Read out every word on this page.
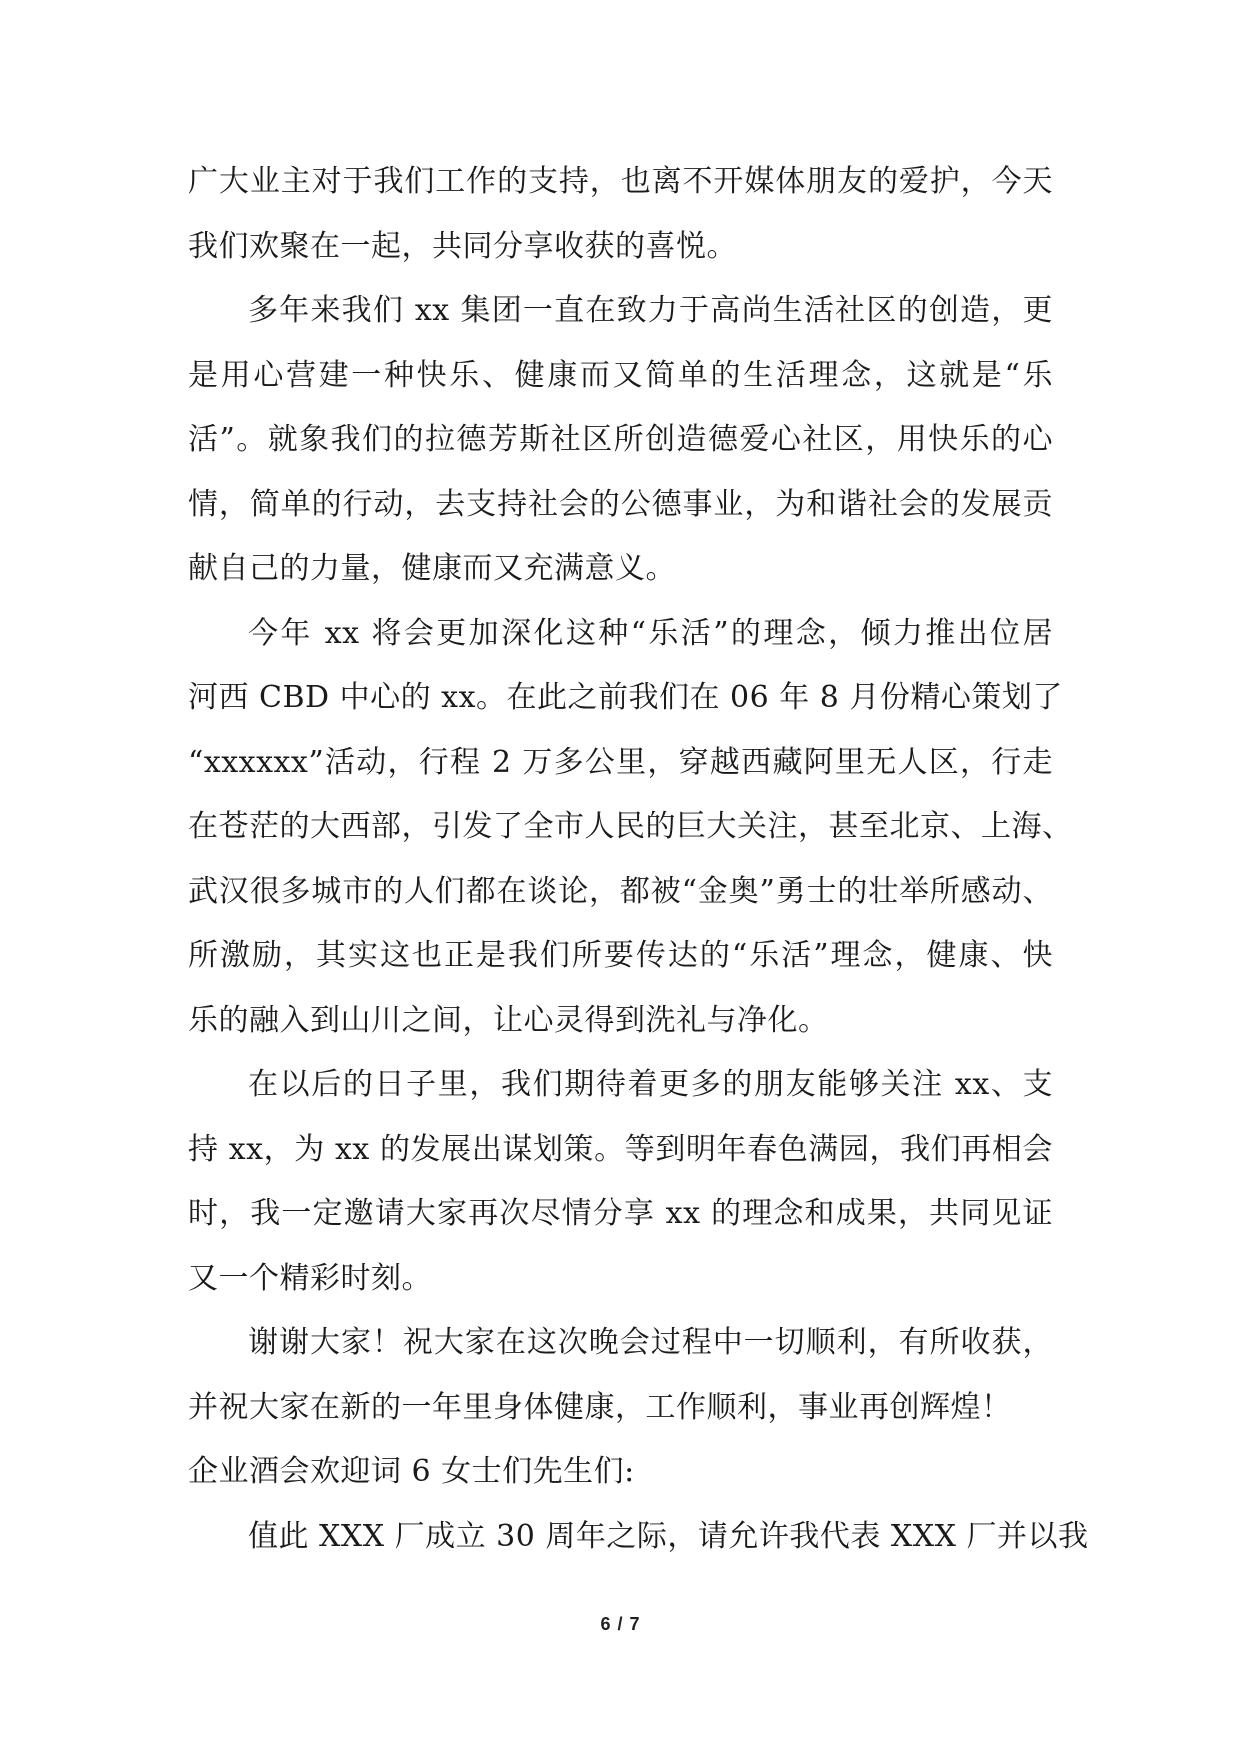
广大业主对于我们工作的支持，也离不开媒体朋友的爱护，今天
我们欢聚在一起，共同分享收获的喜悦。
多年来我们 xx 集团一直在致力于高尚生活社区的创造，更
是用心营建一种快乐、健康而又简单的生活理念，这就是“乐
活”。就象我们的拉德芳斯社区所创造德爱心社区，用快乐的心
情，简单的行动，去支持社会的公德事业，为和谐社会的发展贡
献自己的力量，健康而又充满意义。
今年 xx 将会更加深化这种“乐活”的理念，倾力推出位居
河西 CBD 中心的 xx。在此之前我们在 06 年 8 月份精心策划了
“xxxxxx”活动，行程 2 万多公里，穿越西藏阿里无人区，行走
在苍茫的大西部，引发了全市人民的巨大关注，甚至北京、上海、
武汉很多城市的人们都在谈论，都被“金奥”勇士的壮举所感动、
所激励，其实这也正是我们所要传达的“乐活”理念，健康、快
乐的融入到山川之间，让心灵得到洗礼与净化。
在以后的日子里，我们期待着更多的朋友能够关注 xx、支
持 xx，为 xx 的发展出谋划策。等到明年春色满园，我们再相会
时，我一定邀请大家再次尽情分享 xx 的理念和成果，共同见证
又一个精彩时刻。
谢谢大家！祝大家在这次晚会过程中一切顺利，有所收获，
并祝大家在新的一年里身体健康，工作顺利，事业再创辉煌！
企业酒会欢迎词 6 女士们先生们:
值此 XXX 厂成立 30 周年之际，请允许我代表 XXX 厂并以我
6 / 7
